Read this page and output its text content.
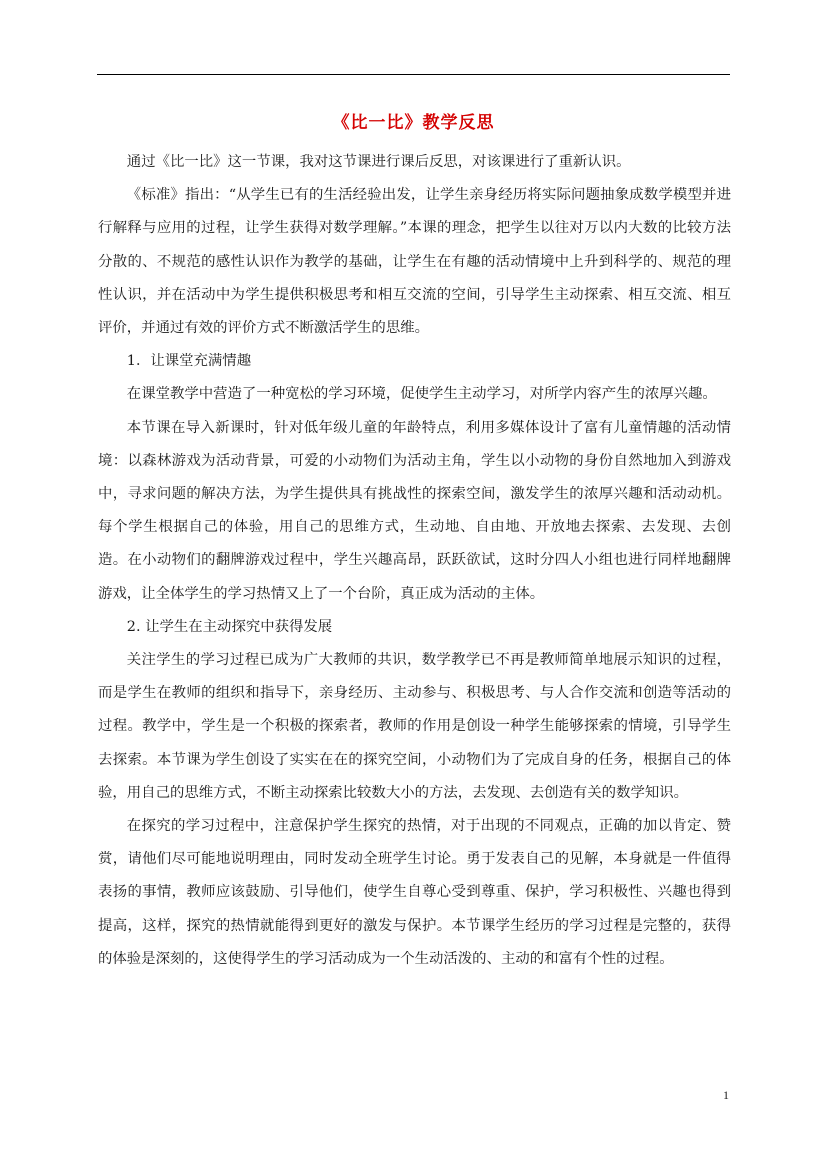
《比一比》教学反思

通过《比一比》这一节课，我对这节课进行课后反思，对该课进行了重新认识。

《标准》指出：“从学生已有的生活经验出发，让学生亲身经历将实际问题抽象成数学模型并进行解释与应用的过程，让学生获得对数学理解。”本课的理念，把学生以往对万以内大数的比较方法分散的、不规范的感性认识作为教学的基础，让学生在有趣的活动情境中上升到科学的、规范的理性认识，并在活动中为学生提供积极思考和相互交流的空间，引导学生主动探索、相互交流、相互评价，并通过有效的评价方式不断激活学生的思维。

1．让课堂充满情趣

在课堂教学中营造了一种宽松的学习环境，促使学生主动学习，对所学内容产生的浓厚兴趣。

本节课在导入新课时，针对低年级儿童的年龄特点，利用多媒体设计了富有儿童情趣的活动情境：以森林游戏为活动背景，可爱的小动物们为活动主角，学生以小动物的身份自然地加入到游戏中，寻求问题的解决方法，为学生提供具有挑战性的探索空间，激发学生的浓厚兴趣和活动动机。每个学生根据自己的体验，用自己的思维方式，生动地、自由地、开放地去探索、去发现、去创造。在小动物们的翻牌游戏过程中，学生兴趣高昂，跃跃欲试，这时分四人小组也进行同样地翻牌游戏，让全体学生的学习热情又上了一个台阶，真正成为活动的主体。

2. 让学生在主动探究中获得发展

关注学生的学习过程已成为广大教师的共识，数学教学已不再是教师简单地展示知识的过程，而是学生在教师的组织和指导下，亲身经历、主动参与、积极思考、与人合作交流和创造等活动的过程。教学中，学生是一个积极的探索者，教师的作用是创设一种学生能够探索的情境，引导学生去探索。本节课为学生创设了实实在在的探究空间，小动物们为了完成自身的任务，根据自己的体验，用自己的思维方式，不断主动探索比较数大小的方法，去发现、去创造有关的数学知识。

在探究的学习过程中，注意保护学生探究的热情，对于出现的不同观点，正确的加以肯定、赞赏，请他们尽可能地说明理由，同时发动全班学生讨论。勇于发表自己的见解，本身就是一件值得表扬的事情，教师应该鼓励、引导他们，使学生自尊心受到尊重、保护，学习积极性、兴趣也得到提高，这样，探究的热情就能得到更好的激发与保护。本节课学生经历的学习过程是完整的，获得的体验是深刻的，这使得学生的学习活动成为一个生动活泼的、主动的和富有个性的过程。

1
